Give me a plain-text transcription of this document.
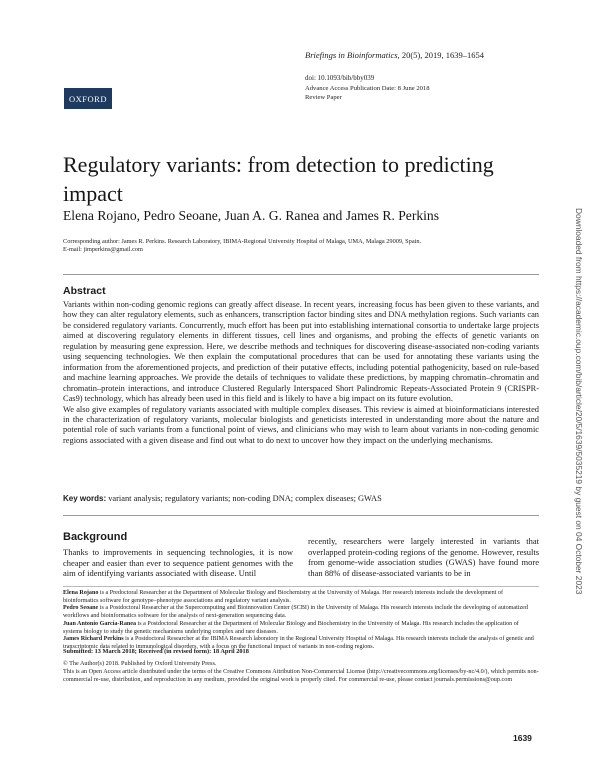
Briefings in Bioinformatics, 20(5), 2019, 1639–1654
OXFORD
doi: 10.1093/bib/bby039
Advance Access Publication Date: 8 June 2018
Review Paper
Regulatory variants: from detection to predicting impact
Elena Rojano, Pedro Seoane, Juan A. G. Ranea and James R. Perkins
Corresponding author: James R. Perkins. Research Laboratory, IBIMA-Regional University Hospital of Malaga, UMA, Malaga 29009, Spain.
E-mail: jimperkins@gmail.com
Abstract

Variants within non-coding genomic regions can greatly affect disease. In recent years, increasing focus has been given to these variants, and how they can alter regulatory elements, such as enhancers, transcription factor binding sites and DNA methylation regions. Such variants can be considered regulatory variants. Concurrently, much effort has been put into establishing international consortia to undertake large projects aimed at discovering regulatory elements in different tissues, cell lines and organisms, and probing the effects of genetic variants on regulation by measuring gene expression. Here, we describe methods and techniques for discovering disease-associated non-coding variants using sequencing technologies. We then explain the computational procedures that can be used for annotating these variants using the information from the aforementioned projects, and prediction of their putative effects, including potential pathogenicity, based on rule-based and machine learning approaches. We provide the details of techniques to validate these predictions, by mapping chromatin–chromatin and chromatin–protein interactions, and introduce Clustered Regularly Interspaced Short Palindromic Repeats-Associated Protein 9 (CRISPR-Cas9) technology, which has already been used in this field and is likely to have a big impact on its future evolution.

We also give examples of regulatory variants associated with multiple complex diseases. This review is aimed at bioinformaticians interested in the characterization of regulatory variants, molecular biologists and geneticists interested in understanding more about the nature and potential role of such variants from a functional point of views, and clinicians who may wish to learn about variants in non-coding genomic regions associated with a given disease and find out what to do next to uncover how they impact on the underlying mechanisms.

Key words: variant analysis; regulatory variants; non-coding DNA; complex diseases; GWAS
Background
Thanks to improvements in sequencing technologies, it is now cheaper and easier than ever to sequence patient genomes with the aim of identifying variants associated with disease. Until
recently, researchers were largely interested in variants that overlapped protein-coding regions of the genome. However, results from genome-wide association studies (GWAS) have found more than 88% of disease-associated variants to be in

Elena Rojano is a Predoctoral Researcher at the Department of Molecular Biology and Biochemistry at the University of Malaga. Her research interests include the development of bioinformatics software for genotype–phenotype associations and regulatory variant analysis.

Pedro Seoane is a Postdoctoral Researcher at the Supercomputing and Bioinnovation Center (SCBI) in the University of Malaga. His research interests include the developing of automatized workflows and bioinformatics software for the analysis of next-generation sequencing data.

Juan Antonio García-Ranea is a Postdoctoral Researcher at the Department of Molecular Biology and Biochemistry in the University of Malaga. His research includes the application of systems biology to study the genetic mechanisms underlying complex and rare diseases.

James Richard Perkins is a Postdoctoral Researcher at the IBIMA Research laboratory in the Regional University Hospital of Malaga. His research interests include the analysis of genetic and transcriptomic data related to immunological disorders, with a focus on the functional impact of variants in non-coding regions.

Submitted: 13 March 2018; Received (in revised form): 18 April 2018
© The Author(s) 2018. Published by Oxford University Press.
This is an Open Access article distributed under the terms of the Creative Commons Attribution Non-Commercial License (http://creativecommons.org/licenses/by-nc/4.0/), which permits non-commercial re-use, distribution, and reproduction in any medium, provided the original work is properly cited. For commercial re-use, please contact journals.permissions@oup.com
1639
Downloaded from https://academic.oup.com/bib/article/20/5/1639/5035219 by guest on 04 October 2023
